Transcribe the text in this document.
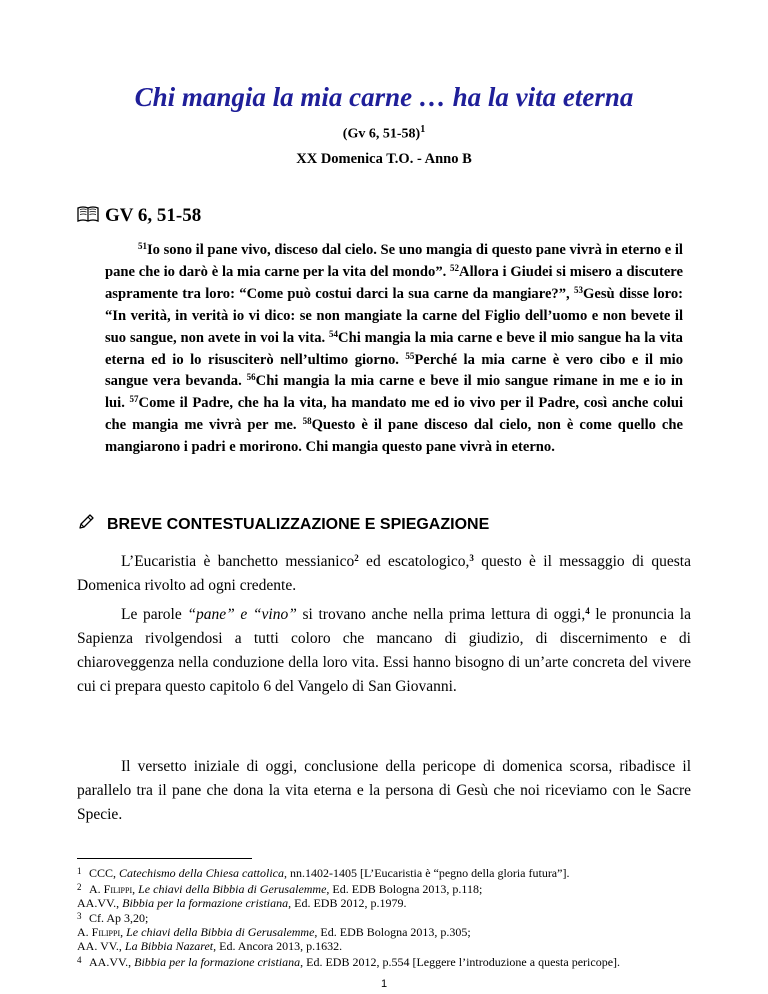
Chi mangia la mia carne … ha la vita eterna
(Gv 6, 51-58)$^1$
XX Domenica T.O. - Anno B
GV 6, 51-58
$^{51}$Io sono il pane vivo, disceso dal cielo. Se uno mangia di questo pane vivrà in eterno e il pane che io darò è la mia carne per la vita del mondo”. $^{52}$Allora i Giudei si misero a discutere aspramente tra loro: “Come può costui darci la sua carne da mangiare?”, $^{53}$Gesù disse loro: “In verità, in verità io vi dico: se non mangiate la carne del Figlio dell’uomo e non bevete il suo sangue, non avete in voi la vita. $^{54}$Chi mangia la mia carne e beve il mio sangue ha la vita eterna ed io lo risusciterò nell’ultimo giorno. $^{55}$Perché la mia carne è vero cibo e il mio sangue vera bevanda. $^{56}$Chi mangia la mia carne e beve il mio sangue rimane in me e io in lui. $^{57}$Come il Padre, che ha la vita, ha mandato me ed io vivo per il Padre, così anche colui che mangia me vivrà per me. $^{58}$Questo è il pane disceso dal cielo, non è come quello che mangiarono i padri e morirono. Chi mangia questo pane vivrà in eterno.
BREVE CONTESTUALIZZAZIONE E SPIEGAZIONE
L’Eucaristia è banchetto messianico$^2$ ed escatologico,$^3$ questo è il messaggio di questa Domenica rivolto ad ogni credente.
Le parole “pane” e “vino” si trovano anche nella prima lettura di oggi,$^4$ le pronuncia la Sapienza rivolgendosi a tutti coloro che mancano di giudizio, di discernimento e di chiaroveggenza nella conduzione della loro vita. Essi hanno bisogno di un’arte concreta del vivere cui ci prepara questo capitolo 6 del Vangelo di San Giovanni.
Il versetto iniziale di oggi, conclusione della pericope di domenica scorsa, ribadisce il parallelo tra il pane che dona la vita eterna e la persona di Gesù che noi riceviamo con le Sacre Specie.

1 CCC, Catechismo della Chiesa cattolica, nn.1402-1405 [L’Eucaristia è “pegno della gloria futura”].

2 A. Filippi, Le chiavi della Bibbia di Gerusalemme, Ed. EDB Bologna 2013, p.118;

AA.VV., Bibbia per la formazione cristiana, Ed. EDB 2012, p.1979.

3 Cf. Ap 3,20;

A. Filippi, Le chiavi della Bibbia di Gerusalemme, Ed. EDB Bologna 2013, p.305;

AA. VV., La Bibbia Nazaret, Ed. Ancora 2013, p.1632.

4 AA.VV., Bibbia per la formazione cristiana, Ed. EDB 2012, p.554 [Leggere l’introduzione a questa pericope].

1
